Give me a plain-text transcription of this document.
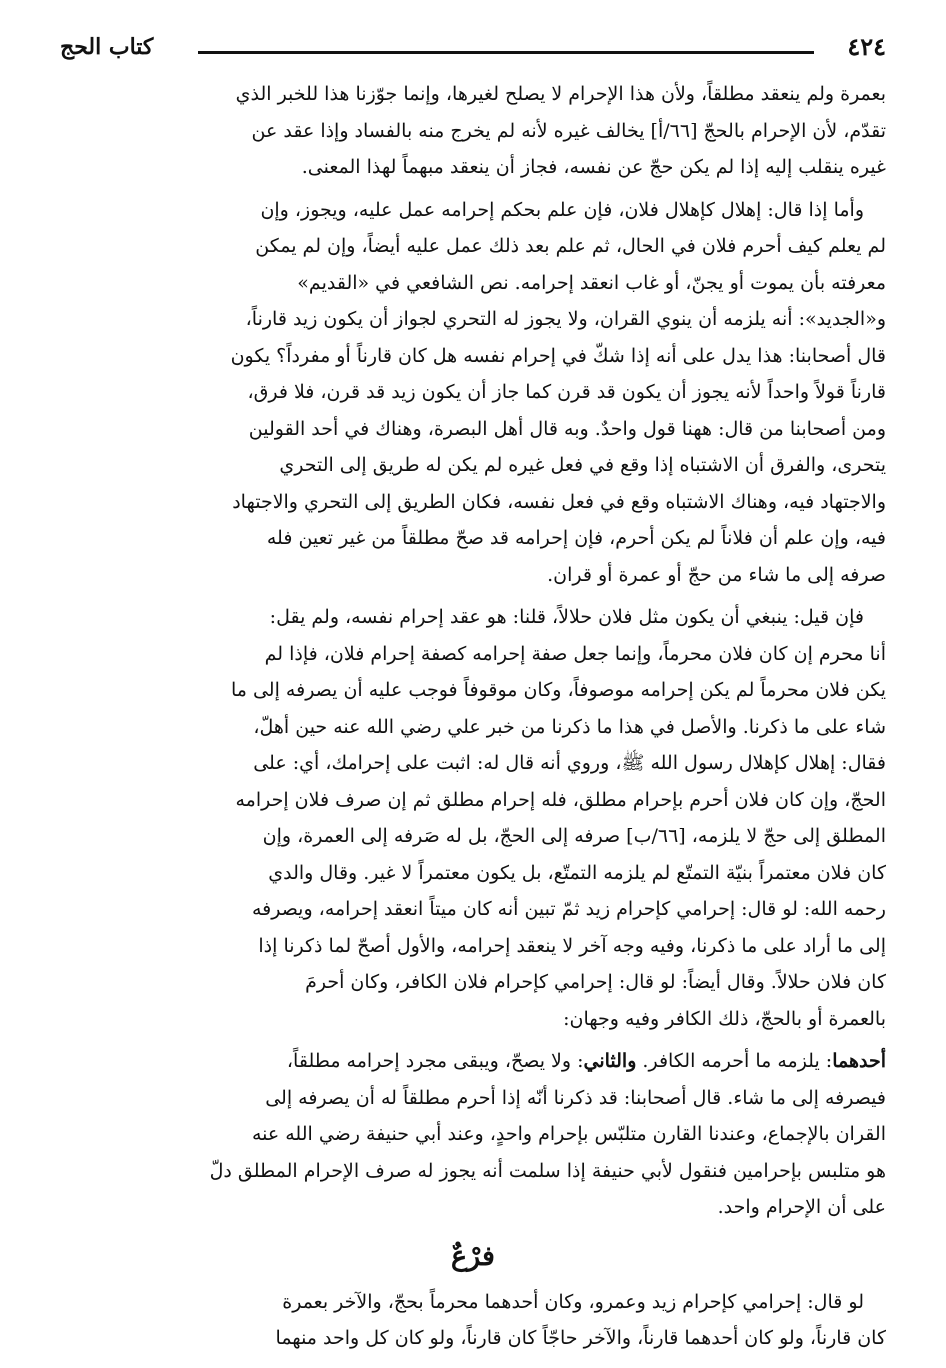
٤٢٤
كتاب الحج
بعمرة ولم ينعقد مطلقاً، ولأن هذا الإحرام لا يصلح لغيرها، وإنما جوّزنا هذا للخبر الذي
تقدّم، لأن الإحرام بالحجّ [٦٦/أ] يخالف غيره لأنه لم يخرج منه بالفساد وإذا عقد عن
غيره ينقلب إليه إذا لم يكن حجّ عن نفسه، فجاز أن ينعقد مبهماً لهذا المعنى.
وأما إذا قال: إهلال كإهلال فلان، فإن علم بحكم إحرامه عمل عليه، ويجوز، وإن
لم يعلم كيف أحرم فلان في الحال، ثم علم بعد ذلك عمل عليه أيضاً، وإن لم يمكن
معرفته بأن يموت أو يجنّ، أو غاب انعقد إحرامه. نص الشافعي في «القديم»
و«الجديد»: أنه يلزمه أن ينوي القران، ولا يجوز له التحري لجواز أن يكون زيد قارناً،
قال أصحابنا: هذا يدل على أنه إذا شكّ في إحرام نفسه هل كان قارناً أو مفرداً؟ يكون
قارناً قولاً واحداً لأنه يجوز أن يكون قد قرن كما جاز أن يكون زيد قد قرن، فلا فرق،
ومن أصحابنا من قال: ههنا قول واحدٌ. وبه قال أهل البصرة، وهناك في أحد القولين
يتحرى، والفرق أن الاشتباه إذا وقع في فعل غيره لم يكن له طريق إلى التحري
والاجتهاد فيه، وهناك الاشتباه وقع في فعل نفسه، فكان الطريق إلى التحري والاجتهاد
فيه، وإن علم أن فلاناً لم يكن أحرم، فإن إحرامه قد صحّ مطلقاً من غير تعين فله
صرفه إلى ما شاء من حجّ أو عمرة أو قران.
فإن قيل: ينبغي أن يكون مثل فلان حلالاً، قلنا: هو عقد إحرام نفسه، ولم يقل:
أنا محرم إن كان فلان محرماً، وإنما جعل صفة إحرامه كصفة إحرام فلان، فإذا لم
يكن فلان محرماً لم يكن إحرامه موصوفاً، وكان موقوفاً فوجب عليه أن يصرفه إلى ما
شاء على ما ذكرنا. والأصل في هذا ما ذكرنا من خبر علي رضي الله عنه حين أهلّ،
فقال: إهلال كإهلال رسول الله ﷺ، وروي أنه قال له: اثبت على إحرامك، أي: على
الحجّ، وإن كان فلان أحرم بإحرام مطلق، فله إحرام مطلق ثم إن صرف فلان إحرامه
المطلق إلى حجّ لا يلزمه، [٦٦/ب] صرفه إلى الحجّ، بل له صَرفه إلى العمرة، وإن
كان فلان معتمراً بنيّة التمتّع لم يلزمه التمتّع، بل يكون معتمراً لا غير. وقال والدي
رحمه الله: لو قال: إحرامي كإحرام زيد ثمّ تبين أنه كان ميتاً انعقد إحرامه، ويصرفه
إلى ما أراد على ما ذكرنا، وفيه وجه آخر لا ينعقد إحرامه، والأول أصحّ لما ذكرنا إذا
كان فلان حلالاً. وقال أيضاً: لو قال: إحرامي كإحرام فلان الكافر، وكان أحرمَ
بالعمرة أو بالحجّ، ذلك الكافر وفيه وجهان:
أحدهما: يلزمه ما أحرمه الكافر. والثاني: ولا يصحّ، ويبقى مجرد إحرامه مطلقاً،
فيصرفه إلى ما شاء. قال أصحابنا: قد ذكرنا أنّه إذا أحرم مطلقاً له أن يصرفه إلى
القران بالإجماع، وعندنا القارن متلبّس بإحرام واحدٍ، وعند أبي حنيفة رضي الله عنه
هو متلبس بإحرامين فنقول لأبي حنيفة إذا سلمت أنه يجوز له صرف الإحرام المطلق دلّ
على أن الإحرام واحد.
فرْعٌ
لو قال: إحرامي كإحرام زيد وعمرو، وكان أحدهما محرماً بحجّ، والآخر بعمرة
كان قارناً، ولو كان أحدهما قارناً، والآخر حاجّاً كان قارناً، ولو كان كل واحد منهما
